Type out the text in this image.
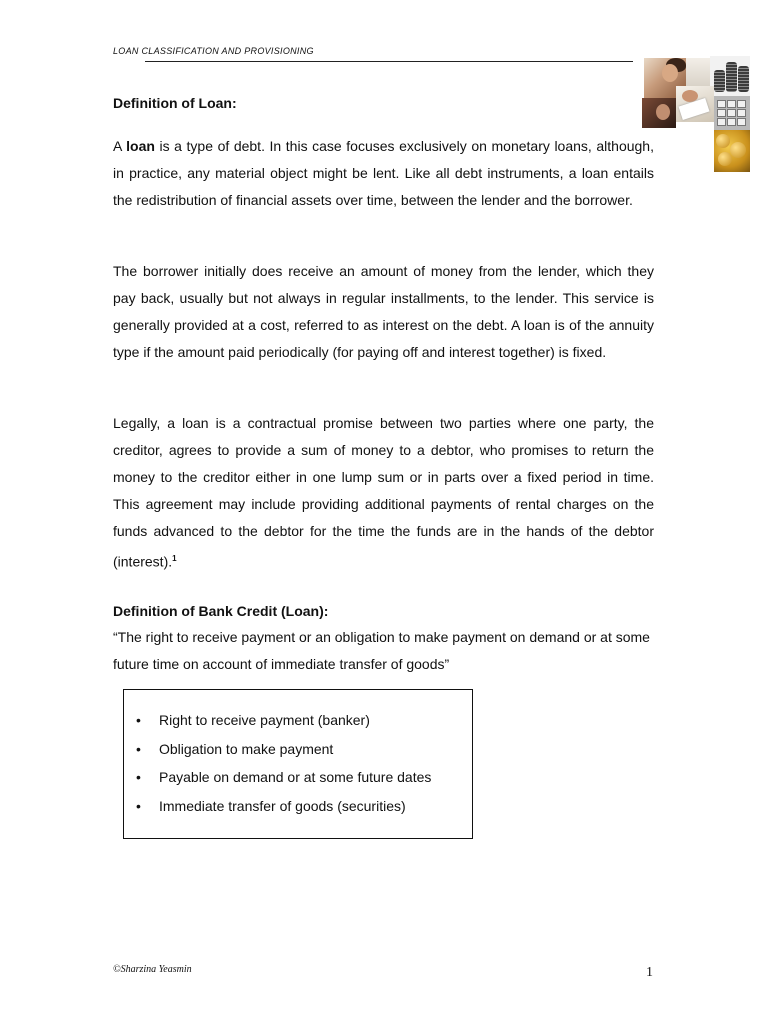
LOAN CLASSIFICATION AND PROVISIONING
Definition of Loan:

A loan is a type of debt. In this case focuses exclusively on monetary loans, although, in practice, any material object might be lent. Like all debt instruments, a loan entails the redistribution of financial assets over time, between the lender and the borrower.

The borrower initially does receive an amount of money from the lender, which they pay back, usually but not always in regular installments, to the lender. This service is generally provided at a cost, referred to as interest on the debt. A loan is of the annuity type if the amount paid periodically (for paying off and interest together) is fixed.

Legally, a loan is a contractual promise between two parties where one party, the creditor, agrees to provide a sum of money to a debtor, who promises to return the money to the creditor either in one lump sum or in parts over a fixed period in time. This agreement may include providing additional payments of rental charges on the funds advanced to the debtor for the time the funds are in the hands of the debtor (interest).$^1$

Definition of Bank Credit (Loan):

“The right to receive payment or an obligation to make payment on demand or at some future time on account of immediate transfer of goods”

• Right to receive payment (banker)
• Obligation to make payment
• Payable on demand or at some future dates
• Immediate transfer of goods (securities)
©Sharzina Yeasmin	1
